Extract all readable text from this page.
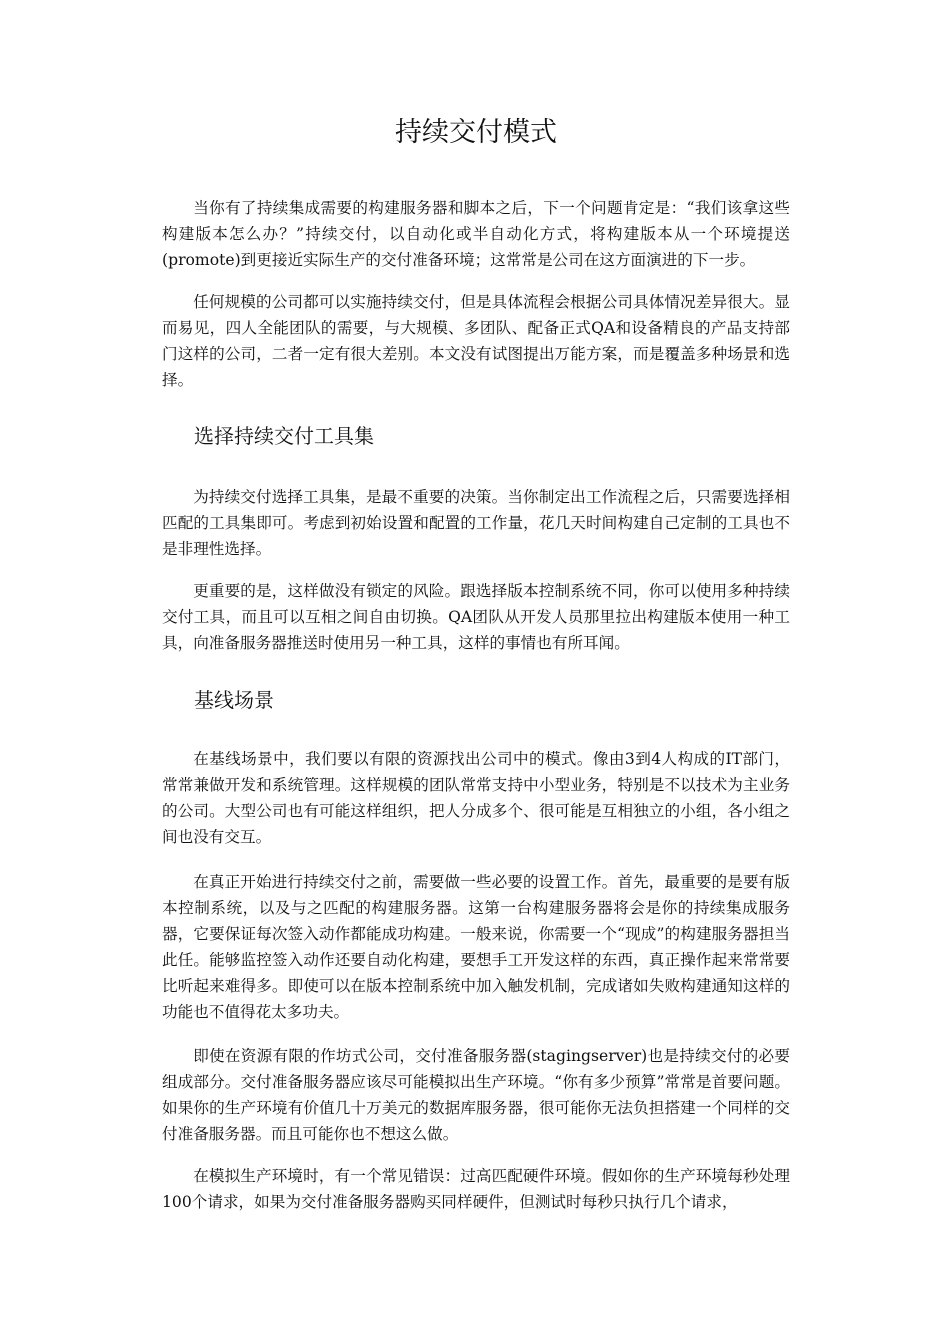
持续交付模式

当你有了持续集成需要的构建服务器和脚本之后，下一个问题肯定是：“我们该拿这些构建版本怎么办？”持续交付，以自动化或半自动化方式，将构建版本从一个环境提送(promote)到更接近实际生产的交付准备环境；这常常是公司在这方面演进的下一步。

任何规模的公司都可以实施持续交付，但是具体流程会根据公司具体情况差异很大。显而易见，四人全能团队的需要，与大规模、多团队、配备正式QA和设备精良的产品支持部门这样的公司，二者一定有很大差别。本文没有试图提出万能方案，而是覆盖多种场景和选择。

选择持续交付工具集

为持续交付选择工具集，是最不重要的决策。当你制定出工作流程之后，只需要选择相匹配的工具集即可。考虑到初始设置和配置的工作量，花几天时间构建自己定制的工具也不是非理性选择。

更重要的是，这样做没有锁定的风险。跟选择版本控制系统不同，你可以使用多种持续交付工具，而且可以互相之间自由切换。QA团队从开发人员那里拉出构建版本使用一种工具，向准备服务器推送时使用另一种工具，这样的事情也有所耳闻。

基线场景

在基线场景中，我们要以有限的资源找出公司中的模式。像由3到4人构成的IT部门，常常兼做开发和系统管理。这样规模的团队常常支持中小型业务，特别是不以技术为主业务的公司。大型公司也有可能这样组织，把人分成多个、很可能是互相独立的小组，各小组之间也没有交互。

在真正开始进行持续交付之前，需要做一些必要的设置工作。首先，最重要的是要有版本控制系统，以及与之匹配的构建服务器。这第一台构建服务器将会是你的持续集成服务器，它要保证每次签入动作都能成功构建。一般来说，你需要一个“现成”的构建服务器担当此任。能够监控签入动作还要自动化构建，要想手工开发这样的东西，真正操作起来常常要比听起来难得多。即使可以在版本控制系统中加入触发机制，完成诸如失败构建通知这样的功能也不值得花太多功夫。

即使在资源有限的作坊式公司，交付准备服务器(stagingserver)也是持续交付的必要组成部分。交付准备服务器应该尽可能模拟出生产环境。“你有多少预算”常常是首要问题。如果你的生产环境有价值几十万美元的数据库服务器，很可能你无法负担搭建一个同样的交付准备服务器。而且可能你也不想这么做。

在模拟生产环境时，有一个常见错误：过高匹配硬件环境。假如你的生产环境每秒处理100个请求，如果为交付准备服务器购买同样硬件，但测试时每秒只执行几个请求，
